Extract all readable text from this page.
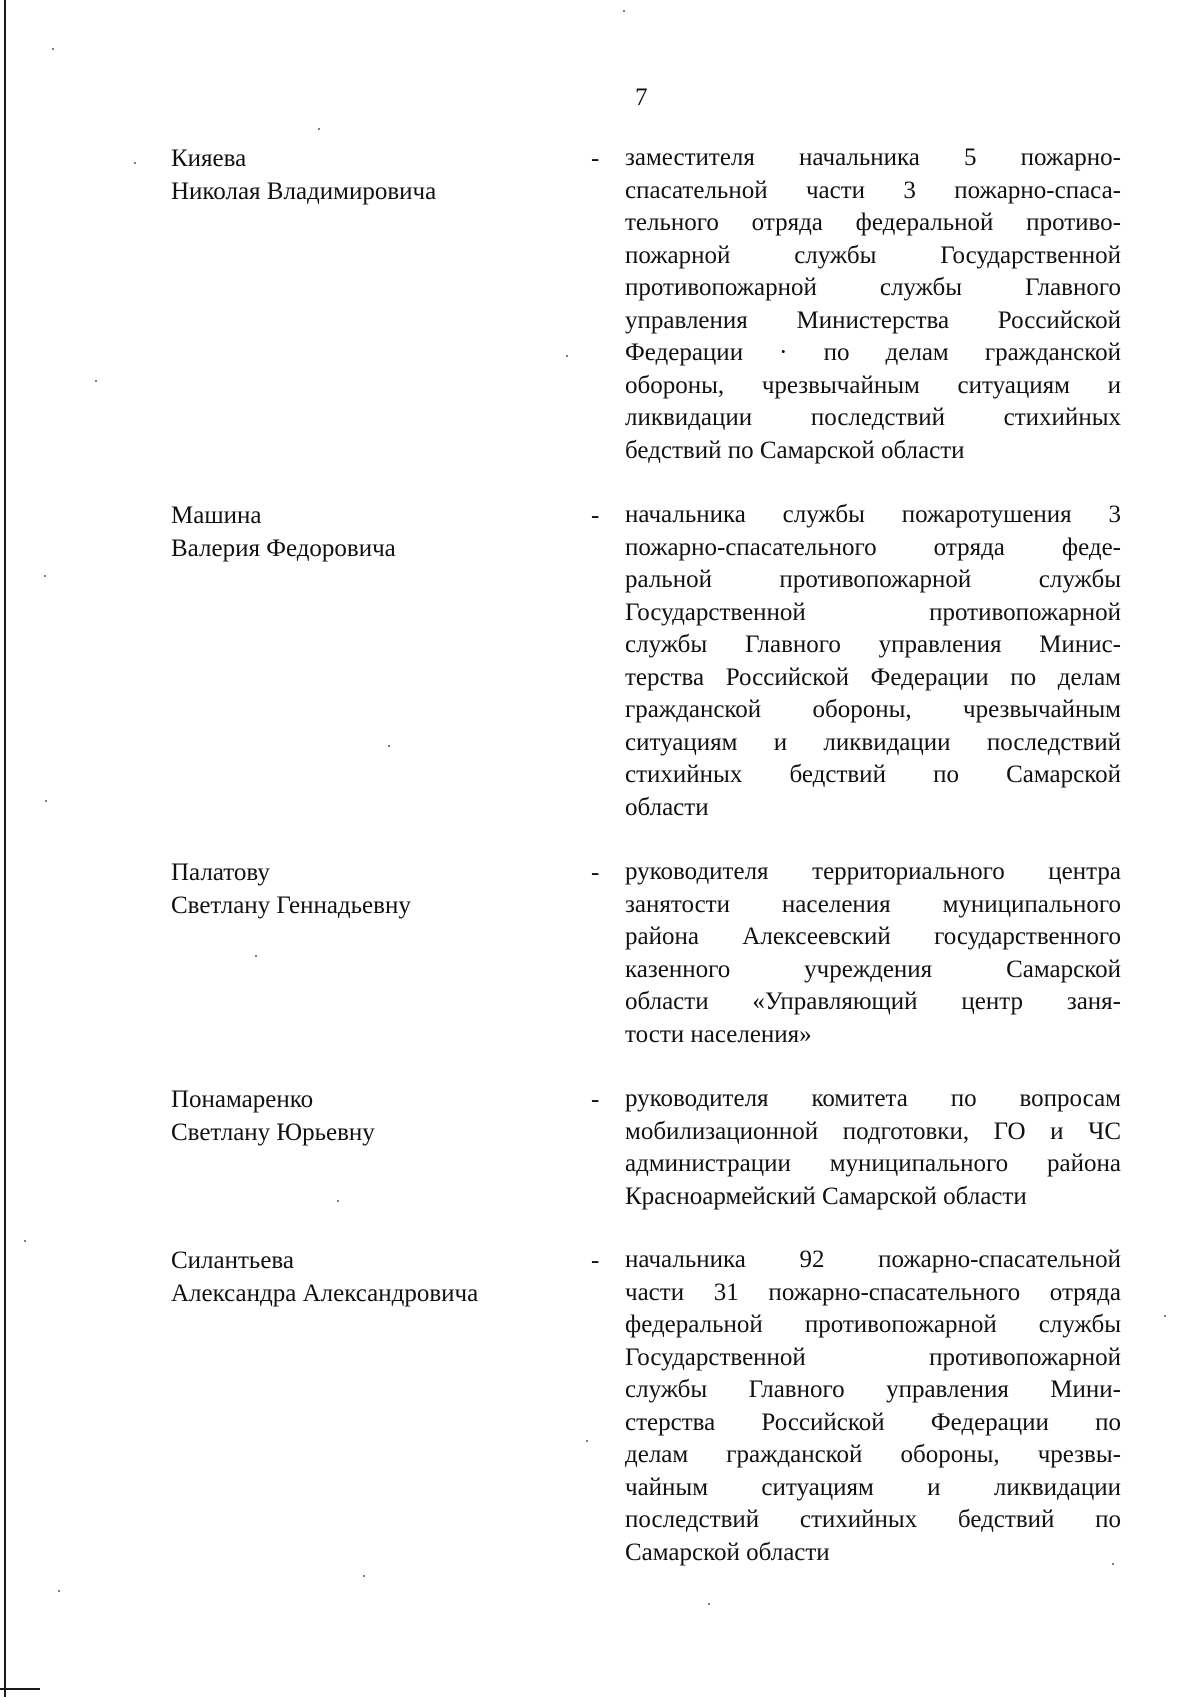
7
Кияева
Николая Владимировича
- заместителя начальника 5 пожарно-
спасательной части 3 пожарно-спаса-
тельного отряда федеральной противо-
пожарной службы Государственной
противопожарной службы Главного
управления Министерства Российской
Федерации · по делам гражданской
обороны, чрезвычайным ситуациям и
ликвидации последствий стихийных
бедствий по Самарской области
Машина
Валерия Федоровича
- начальника службы пожаротушения 3
пожарно-спасательного отряда феде-
ральной противопожарной службы
Государственной противопожарной
службы Главного управления Минис-
терства Российской Федерации по делам
гражданской обороны, чрезвычайным
ситуациям и ликвидации последствий
стихийных бедствий по Самарской
области
Палатову
Светлану Геннадьевну
- руководителя территориального центра
занятости населения муниципального
района Алексеевский государственного
казенного учреждения Самарской
области «Управляющий центр заня-
тости населения»
Понамаренко
Светлану Юрьевну
- руководителя комитета по вопросам
мобилизационной подготовки, ГО и ЧС
администрации муниципального района
Красноармейский Самарской области
Силантьева
Александра Александровича
- начальника 92 пожарно-спасательной
части 31 пожарно-спасательного отряда
федеральной противопожарной службы
Государственной противопожарной
службы Главного управления Мини-
стерства Российской Федерации по
делам гражданской обороны, чрезвы-
чайным ситуациям и ликвидации
последствий стихийных бедствий по
Самарской области
